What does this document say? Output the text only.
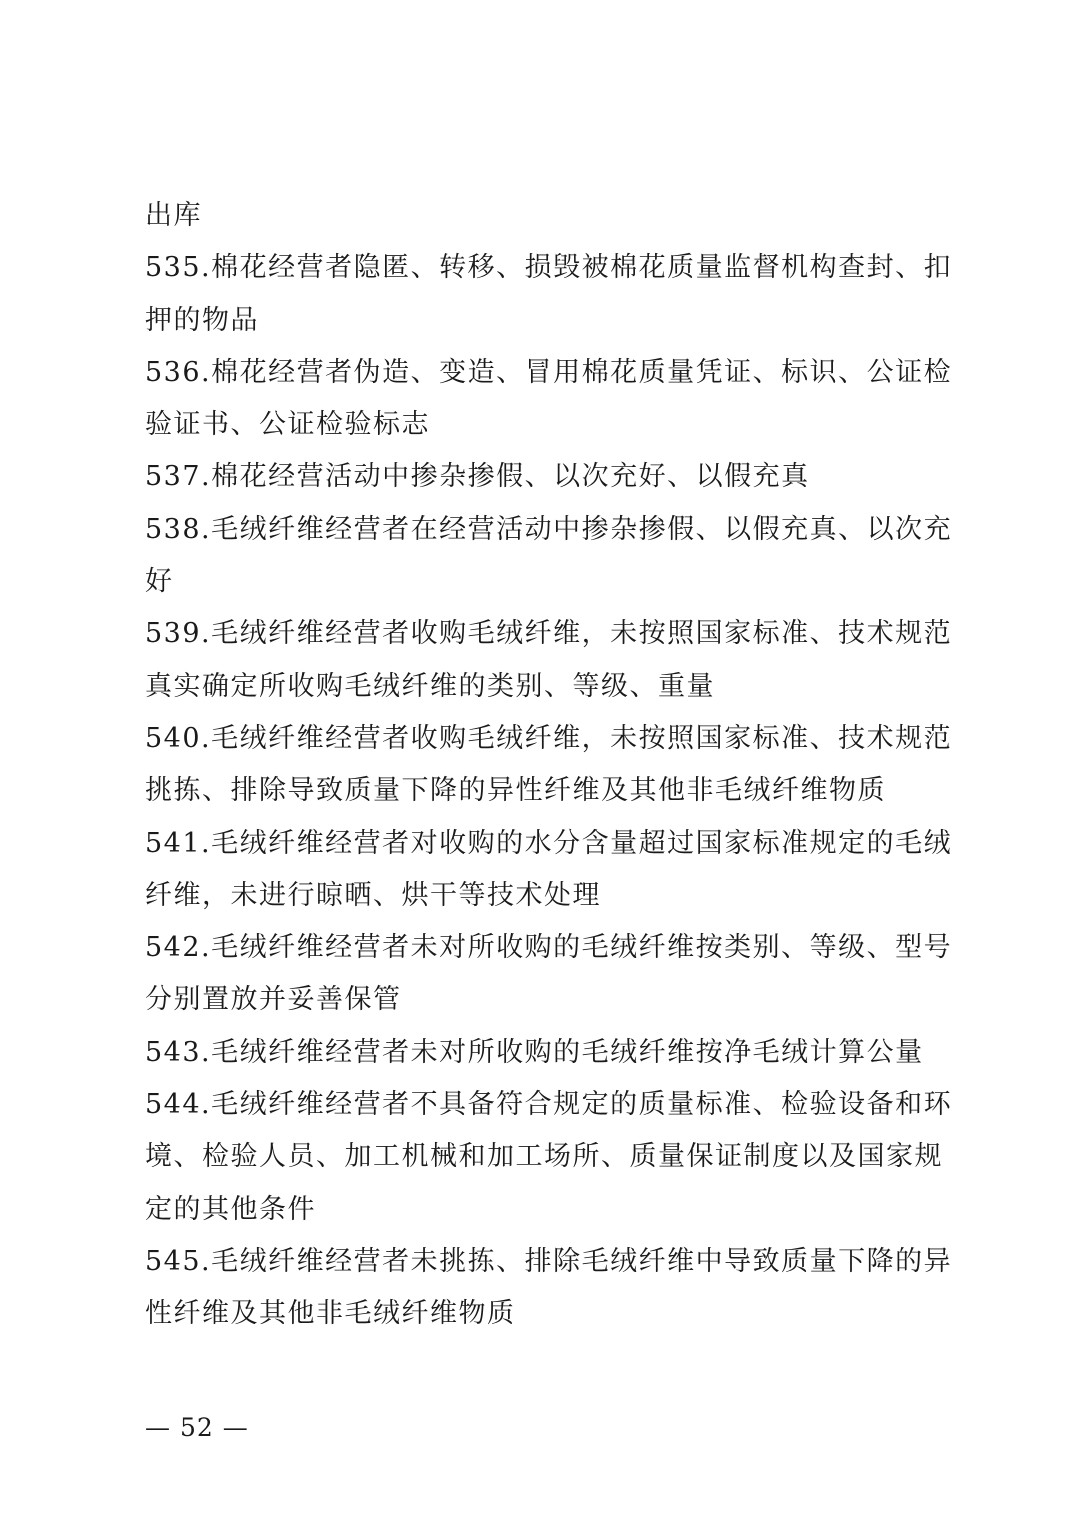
出库
535.棉花经营者隐匿、转移、损毁被棉花质量监督机构查封、扣
押的物品
536.棉花经营者伪造、变造、冒用棉花质量凭证、标识、公证检
验证书、公证检验标志
537.棉花经营活动中掺杂掺假、以次充好、以假充真
538.毛绒纤维经营者在经营活动中掺杂掺假、以假充真、以次充
好
539.毛绒纤维经营者收购毛绒纤维，未按照国家标准、技术规范
真实确定所收购毛绒纤维的类别、等级、重量
540.毛绒纤维经营者收购毛绒纤维，未按照国家标准、技术规范
挑拣、排除导致质量下降的异性纤维及其他非毛绒纤维物质
541.毛绒纤维经营者对收购的水分含量超过国家标准规定的毛绒
纤维，未进行晾晒、烘干等技术处理
542.毛绒纤维经营者未对所收购的毛绒纤维按类别、等级、型号
分别置放并妥善保管
543.毛绒纤维经营者未对所收购的毛绒纤维按净毛绒计算公量
544.毛绒纤维经营者不具备符合规定的质量标准、检验设备和环
境、检验人员、加工机械和加工场所、质量保证制度以及国家规
定的其他条件
545.毛绒纤维经营者未挑拣、排除毛绒纤维中导致质量下降的异
性纤维及其他非毛绒纤维物质
— 52 —
